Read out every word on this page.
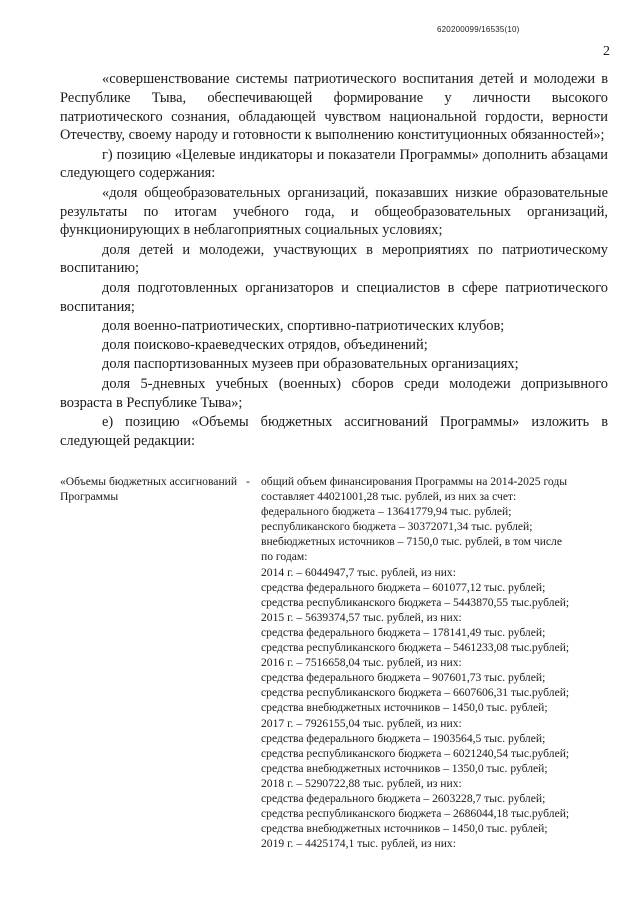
620200099/16535(10)
2

«совершенствование системы патриотического воспитания детей и молодежи в Республике Тыва, обеспечивающей формирование у личности высокого патриотического сознания, обладающей чувством национальной гордости, верности Отечеству, своему народу и готовности к выполнению конституционных обязанностей»;

г) позицию «Целевые индикаторы и показатели Программы» дополнить абзацами следующего содержания:

«доля общеобразовательных организаций, показавших низкие образовательные результаты по итогам учебного года, и общеобразовательных организаций, функционирующих в неблагоприятных социальных условиях;

доля детей и молодежи, участвующих в мероприятиях по патриотическому воспитанию;

доля подготовленных организаторов и специалистов в сфере патриотического воспитания;

доля военно-патриотических, спортивно-патриотических клубов;

доля поисково-краеведческих отрядов, объединений;

доля паспортизованных музеев при образовательных организациях;

доля 5-дневных учебных (военных) сборов среди молодежи допризывного возраста в Республике Тыва»;

е) позицию «Объемы бюджетных ассигнований Программы» изложить в следующей редакции:

«Объемы бюджетных ассигнований Программы
- общий объем финансирования Программы на 2014-2025 годы
составляет 44021001,28 тыс. рублей, из них за счет:
федерального бюджета – 13641779,94 тыс. рублей;
республиканского бюджета – 30372071,34 тыс. рублей;
внебюджетных источников – 7150,0 тыс. рублей, в том числе
по годам:
2014 г. – 6044947,7 тыс. рублей, из них:
средства федерального бюджета – 601077,12 тыс. рублей;
средства республиканского бюджета – 5443870,55 тыс.рублей;
2015 г. – 5639374,57 тыс. рублей, из них:
средства федерального бюджета – 178141,49 тыс. рублей;
средства республиканского бюджета – 5461233,08 тыс.рублей;
2016 г. – 7516658,04 тыс. рублей, из них:
средства федерального бюджета – 907601,73 тыс. рублей;
средства республиканского бюджета – 6607606,31 тыс.рублей;
средства внебюджетных источников – 1450,0 тыс. рублей;
2017 г. – 7926155,04 тыс. рублей, из них:
средства федерального бюджета – 1903564,5 тыс. рублей;
средства республиканского бюджета – 6021240,54 тыс.рублей;
средства внебюджетных источников – 1350,0 тыс. рублей;
2018 г. – 5290722,88 тыс. рублей, из них:
средства федерального бюджета – 2603228,7 тыс. рублей;
средства республиканского бюджета – 2686044,18 тыс.рублей;
средства внебюджетных источников – 1450,0 тыс. рублей;
2019 г. – 4425174,1 тыс. рублей, из них:
